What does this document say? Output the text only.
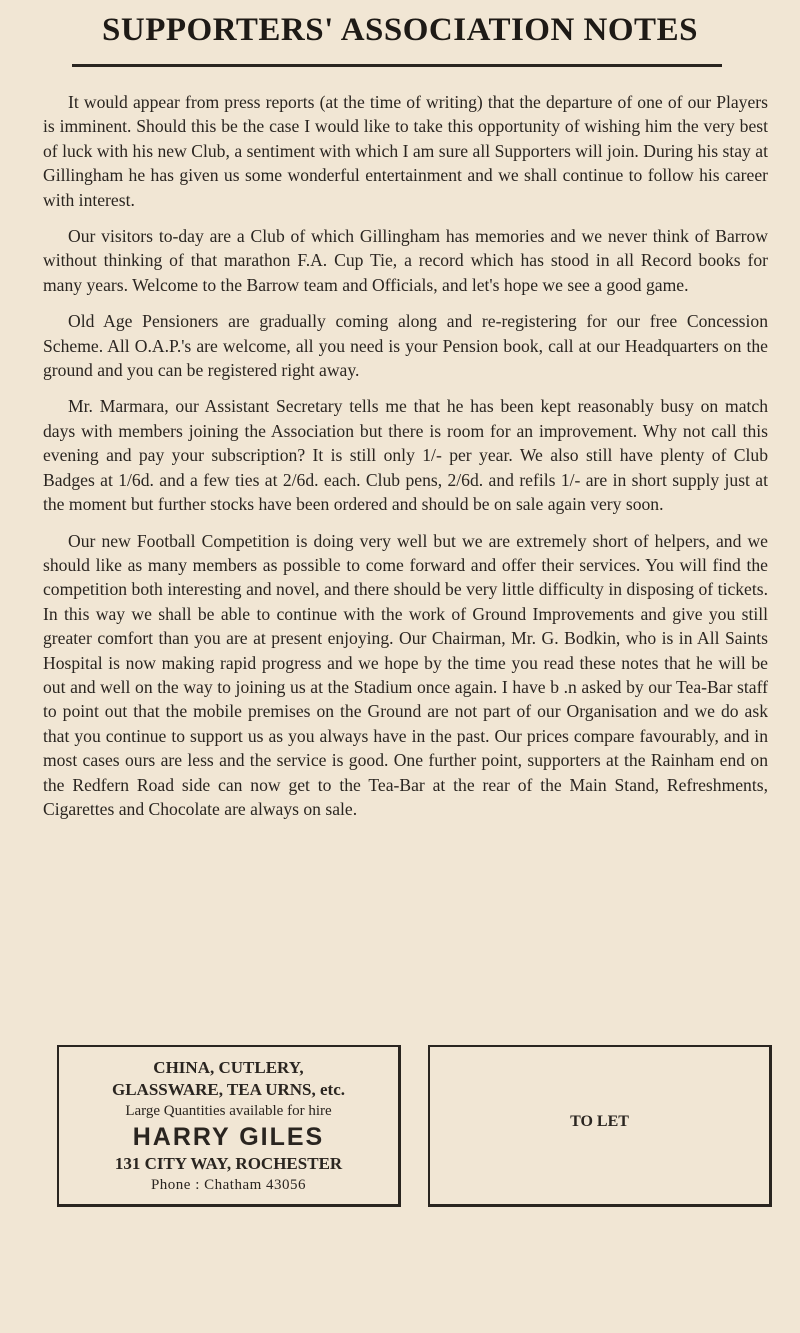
SUPPORTERS' ASSOCIATION NOTES

It would appear from press reports (at the time of writing) that the departure of one of our Players is imminent. Should this be the case I would like to take this opportunity of wishing him the very best of luck with his new Club, a sentiment with which I am sure all Supporters will join. During his stay at Gillingham he has given us some wonderful entertainment and we shall continue to follow his career with interest.

Our visitors to-day are a Club of which Gillingham has memories and we never think of Barrow without thinking of that marathon F.A. Cup Tie, a record which has stood in all Record books for many years. Welcome to the Barrow team and Officials, and let's hope we see a good game.

Old Age Pensioners are gradually coming along and re-registering for our free Concession Scheme. All O.A.P.'s are welcome, all you need is your Pension book, call at our Headquarters on the ground and you can be registered right away.

Mr. Marmara, our Assistant Secretary tells me that he has been kept reasonably busy on match days with members joining the Association but there is room for an improvement. Why not call this evening and pay your subscription? It is still only 1/- per year. We also still have plenty of Club Badges at 1/6d. and a few ties at 2/6d. each. Club pens, 2/6d. and refils 1/- are in short supply just at the moment but further stocks have been ordered and should be on sale again very soon.

Our new Football Competition is doing very well but we are extremely short of helpers, and we should like as many members as possible to come forward and offer their services. You will find the competition both interesting and novel, and there should be very little difficulty in disposing of tickets. In this way we shall be able to continue with the work of Ground Improvements and give you still greater comfort than you are at present enjoying. Our Chairman, Mr. G. Bodkin, who is in All Saints Hospital is now making rapid progress and we hope by the time you read these notes that he will be out and well on the way to joining us at the Stadium once again. I have b .n asked by our Tea-Bar staff to point out that the mobile premises on the Ground are not part of our Organisation and we do ask that you continue to support us as you always have in the past. Our prices compare favourably, and in most cases ours are less and the service is good. One further point, supporters at the Rainham end on the Redfern Road side can now get to the Tea-Bar at the rear of the Main Stand, Refreshments, Cigarettes and Chocolate are always on sale.

CHINA, CUTLERY,
GLASSWARE, TEA URNS, etc.
Large Quantities available for hire
HARRY GILES
131 CITY WAY, ROCHESTER
Phone : Chatham 43056
TO LET
